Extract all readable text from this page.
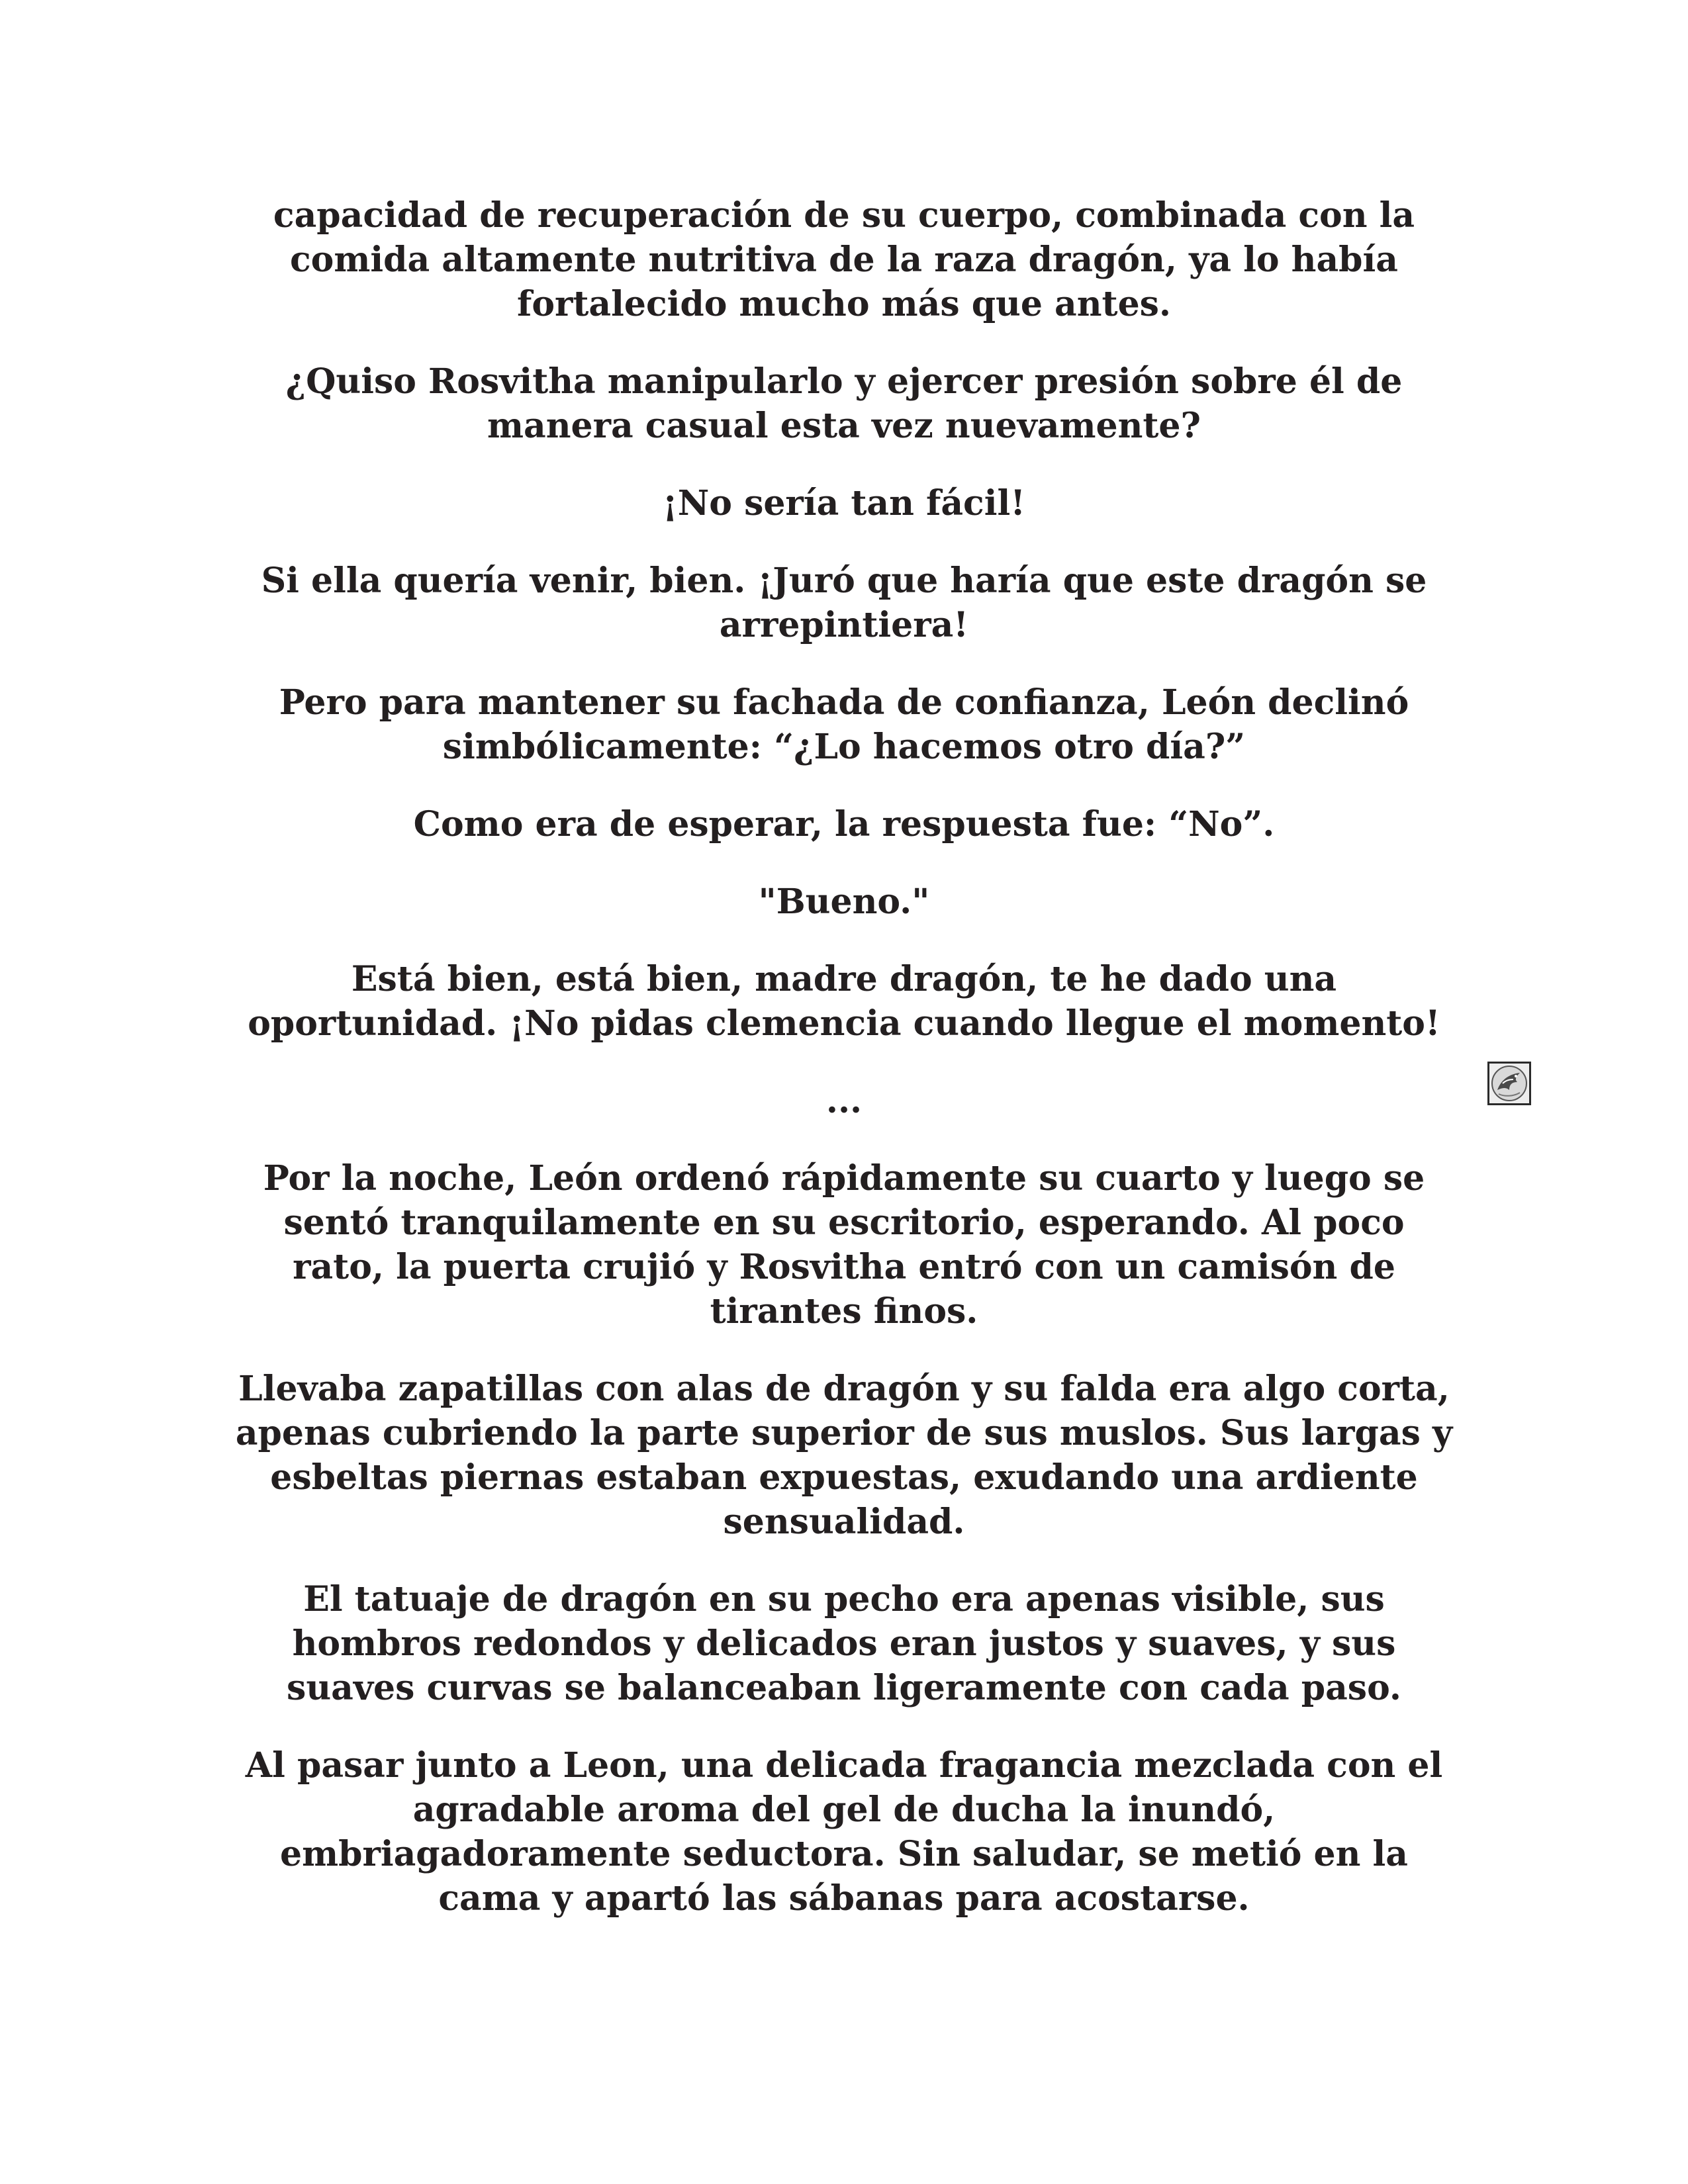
capacidad de recuperación de su cuerpo, combinada con la
comida altamente nutritiva de la raza dragón, ya lo había
fortalecido mucho más que antes.

¿Quiso Rosvitha manipularlo y ejercer presión sobre él de
manera casual esta vez nuevamente?

¡No sería tan fácil!

Si ella quería venir, bien. ¡Juró que haría que este dragón se
arrepintiera!

Pero para mantener su fachada de confianza, León declinó
simbólicamente: “¿Lo hacemos otro día?”

Como era de esperar, la respuesta fue: “No”.

"Bueno."

Está bien, está bien, madre dragón, te he dado una
oportunidad. ¡No pidas clemencia cuando llegue el momento!

...

Por la noche, León ordenó rápidamente su cuarto y luego se
sentó tranquilamente en su escritorio, esperando. Al poco
rato, la puerta crujió y Rosvitha entró con un camisón de
tirantes finos.

Llevaba zapatillas con alas de dragón y su falda era algo corta,
apenas cubriendo la parte superior de sus muslos. Sus largas y
esbeltas piernas estaban expuestas, exudando una ardiente
sensualidad.

El tatuaje de dragón en su pecho era apenas visible, sus
hombros redondos y delicados eran justos y suaves, y sus
suaves curvas se balanceaban ligeramente con cada paso.

Al pasar junto a Leon, una delicada fragancia mezclada con el
agradable aroma del gel de ducha la inundó,
embriagadoramente seductora. Sin saludar, se metió en la
cama y apartó las sábanas para acostarse.
